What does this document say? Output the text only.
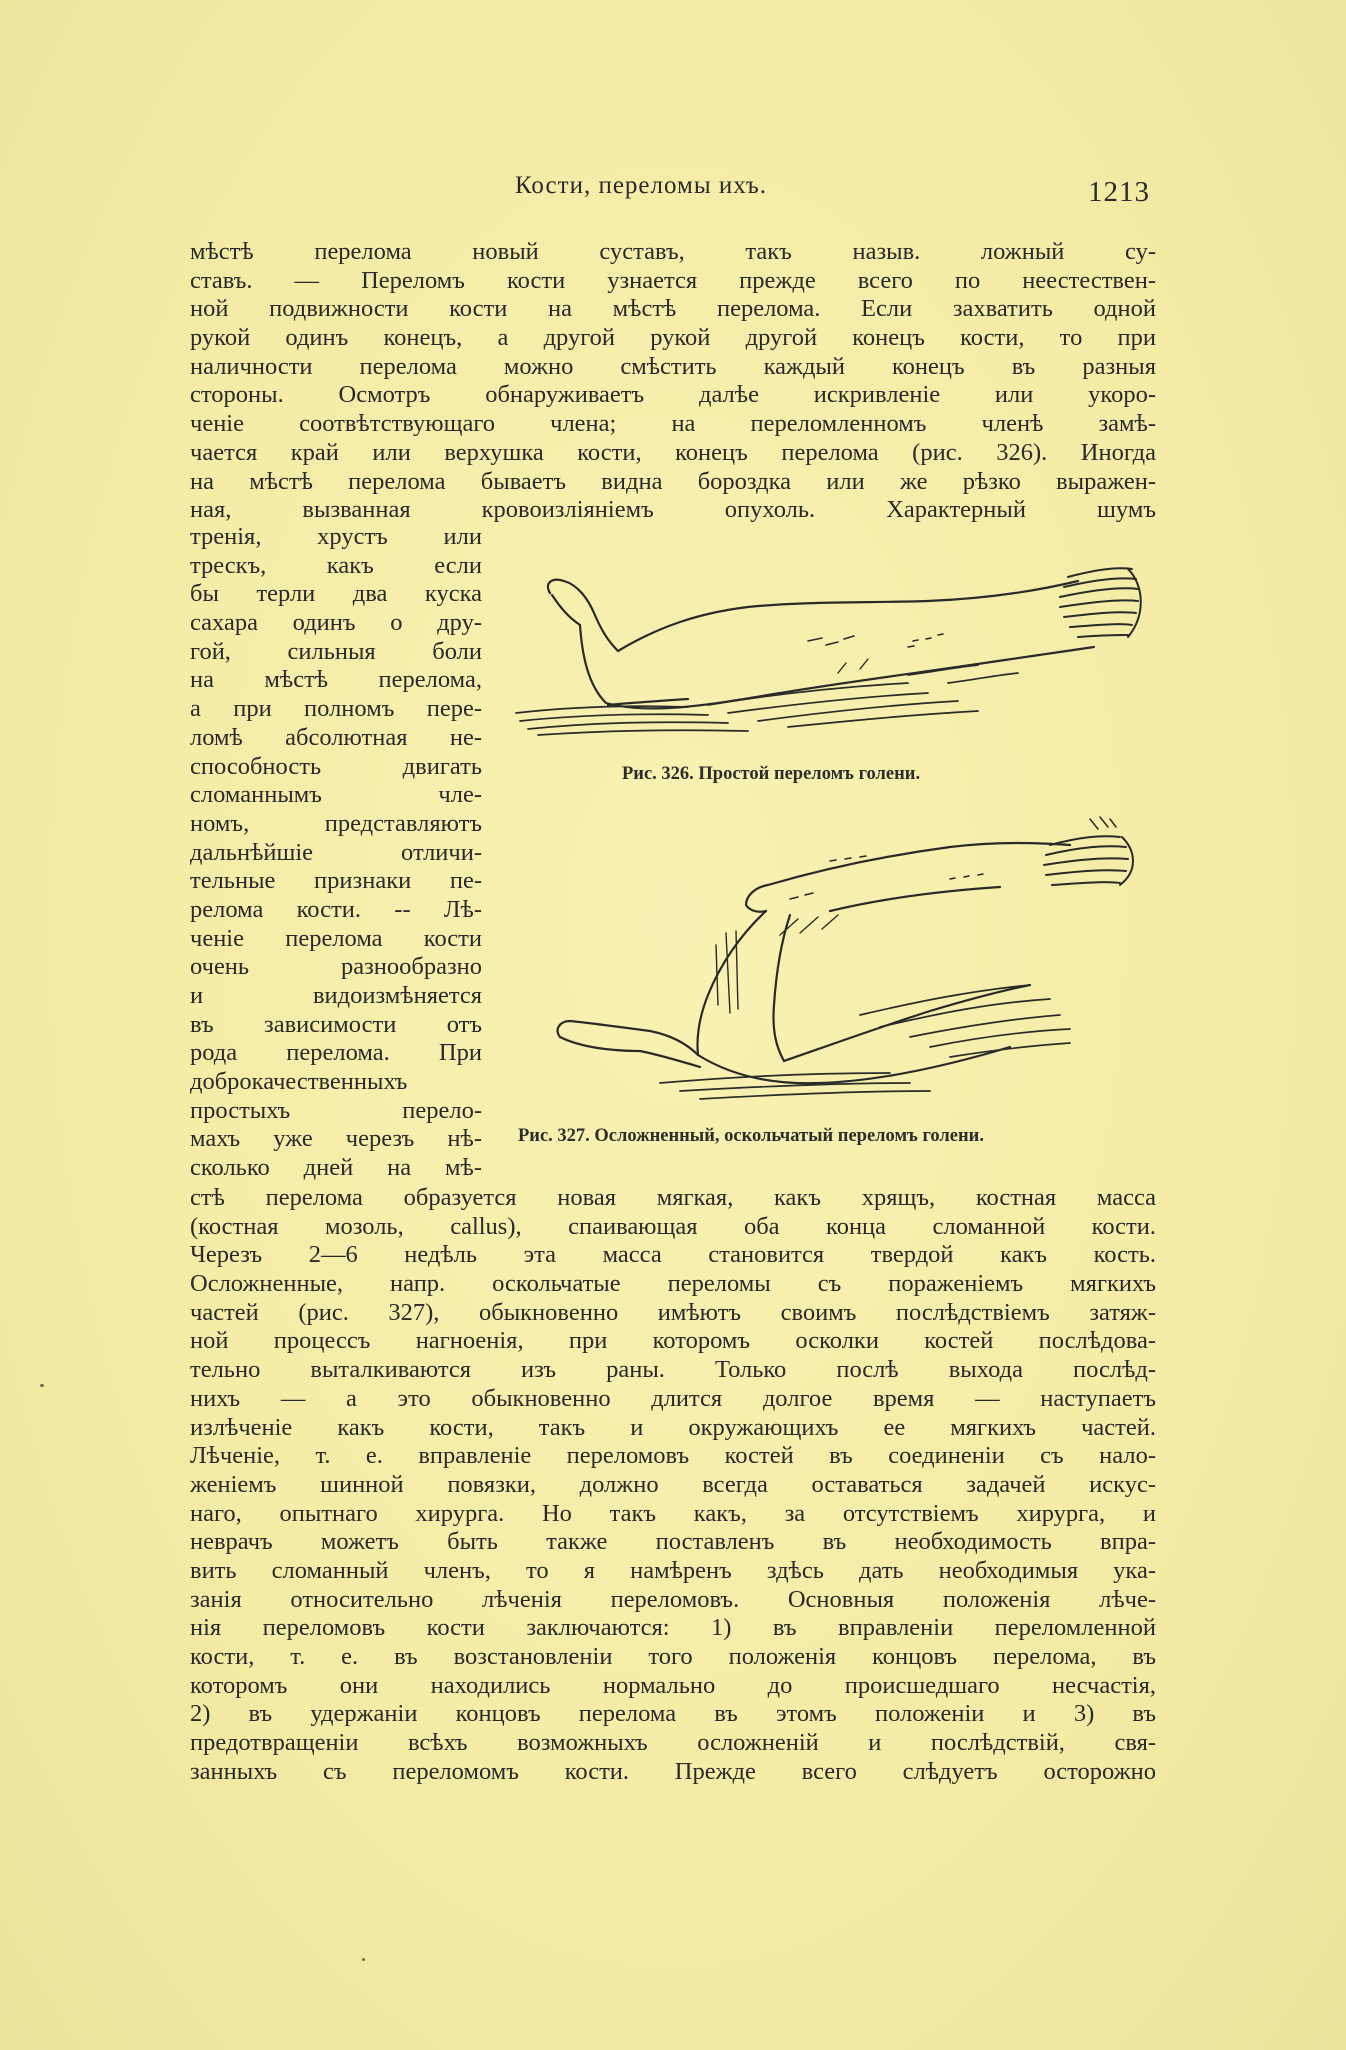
Кости, переломы ихъ.	1213
мѣстѣ перелома новый суставъ, такъ назыв. ложный су-
ставъ. — Переломъ кости узнается прежде всего по неестествен-
ной подвижности кости на мѣстѣ перелома. Если захватить одной
рукой одинъ конецъ, а другой рукой другой конецъ кости, то при
наличности перелома можно смѣстить каждый конецъ въ разныя
стороны. Осмотръ обнаруживаетъ далѣе искривленіе или укоро-
ченіе соотвѣтствующаго члена; на переломленномъ членѣ замѣ-
чается край или верхушка кости, конецъ перелома (рис. 326). Иногда
на мѣстѣ перелома бываетъ видна бороздка или же рѣзко выражен-
ная, вызванная кровоизліяніемъ опухоль. Характерный шумъ
тренія, хрустъ или
трескъ, какъ если
бы терли два куска
сахара одинъ о дру-
гой, сильныя боли
на мѣстѣ перелома,
а при полномъ пере-
ломѣ абсолютная не-
способность двигать
сломаннымъ чле-
номъ, представляютъ
дальнѣйшіе отличи-
тельные признаки пе-
релома кости. -- Лѣ-
ченіе перелома кости
очень разнообразно
и видоизмѣняется
въ зависимости отъ
рода перелома. При
доброкачественныхъ
простыхъ перело-
махъ уже черезъ нѣ-
сколько дней на мѣ-
Рис. 326. Простой переломъ голени.
Рис. 327. Осложненный, оскольчатый переломъ голени.
стѣ перелома образуется новая мягкая, какъ хрящъ, костная масса
(костная мозоль, callus), спаивающая оба конца сломанной кости.
Черезъ 2—6 недѣль эта масса становится твердой какъ кость.
Осложненные, напр. оскольчатые переломы съ пораженіемъ мягкихъ
частей (рис. 327), обыкновенно имѣютъ своимъ послѣдствіемъ затяж-
ной процессъ нагноенія, при которомъ осколки костей послѣдова-
тельно выталкиваются изъ раны. Только послѣ выхода послѣд-
нихъ — а это обыкновенно длится долгое время — наступаетъ
излѣченіе какъ кости, такъ и окружающихъ ее мягкихъ частей.
Лѣченіе, т. е. вправленіе переломовъ костей въ соединеніи съ нало-
женіемъ шинной повязки, должно всегда оставаться задачей искус-
наго, опытнаго хирурга. Но такъ какъ, за отсутствіемъ хирурга, и
неврачъ можетъ быть также поставленъ въ необходимость впра-
вить сломанный членъ, то я намѣренъ здѣсь дать необходимыя ука-
занія относительно лѣченія переломовъ. Основныя положенія лѣче-
нія переломовъ кости заключаются: 1) въ вправленіи переломленной
кости, т. е. въ возстановленіи того положенія концовъ перелома, въ
которомъ они находились нормально до происшедшаго несчастія,
2) въ удержаніи концовъ перелома въ этомъ положеніи и 3) въ
предотвращеніи всѣхъ возможныхъ осложненій и послѣдствій, свя-
занныхъ съ переломомъ кости. Прежде всего слѣдуетъ осторожно
